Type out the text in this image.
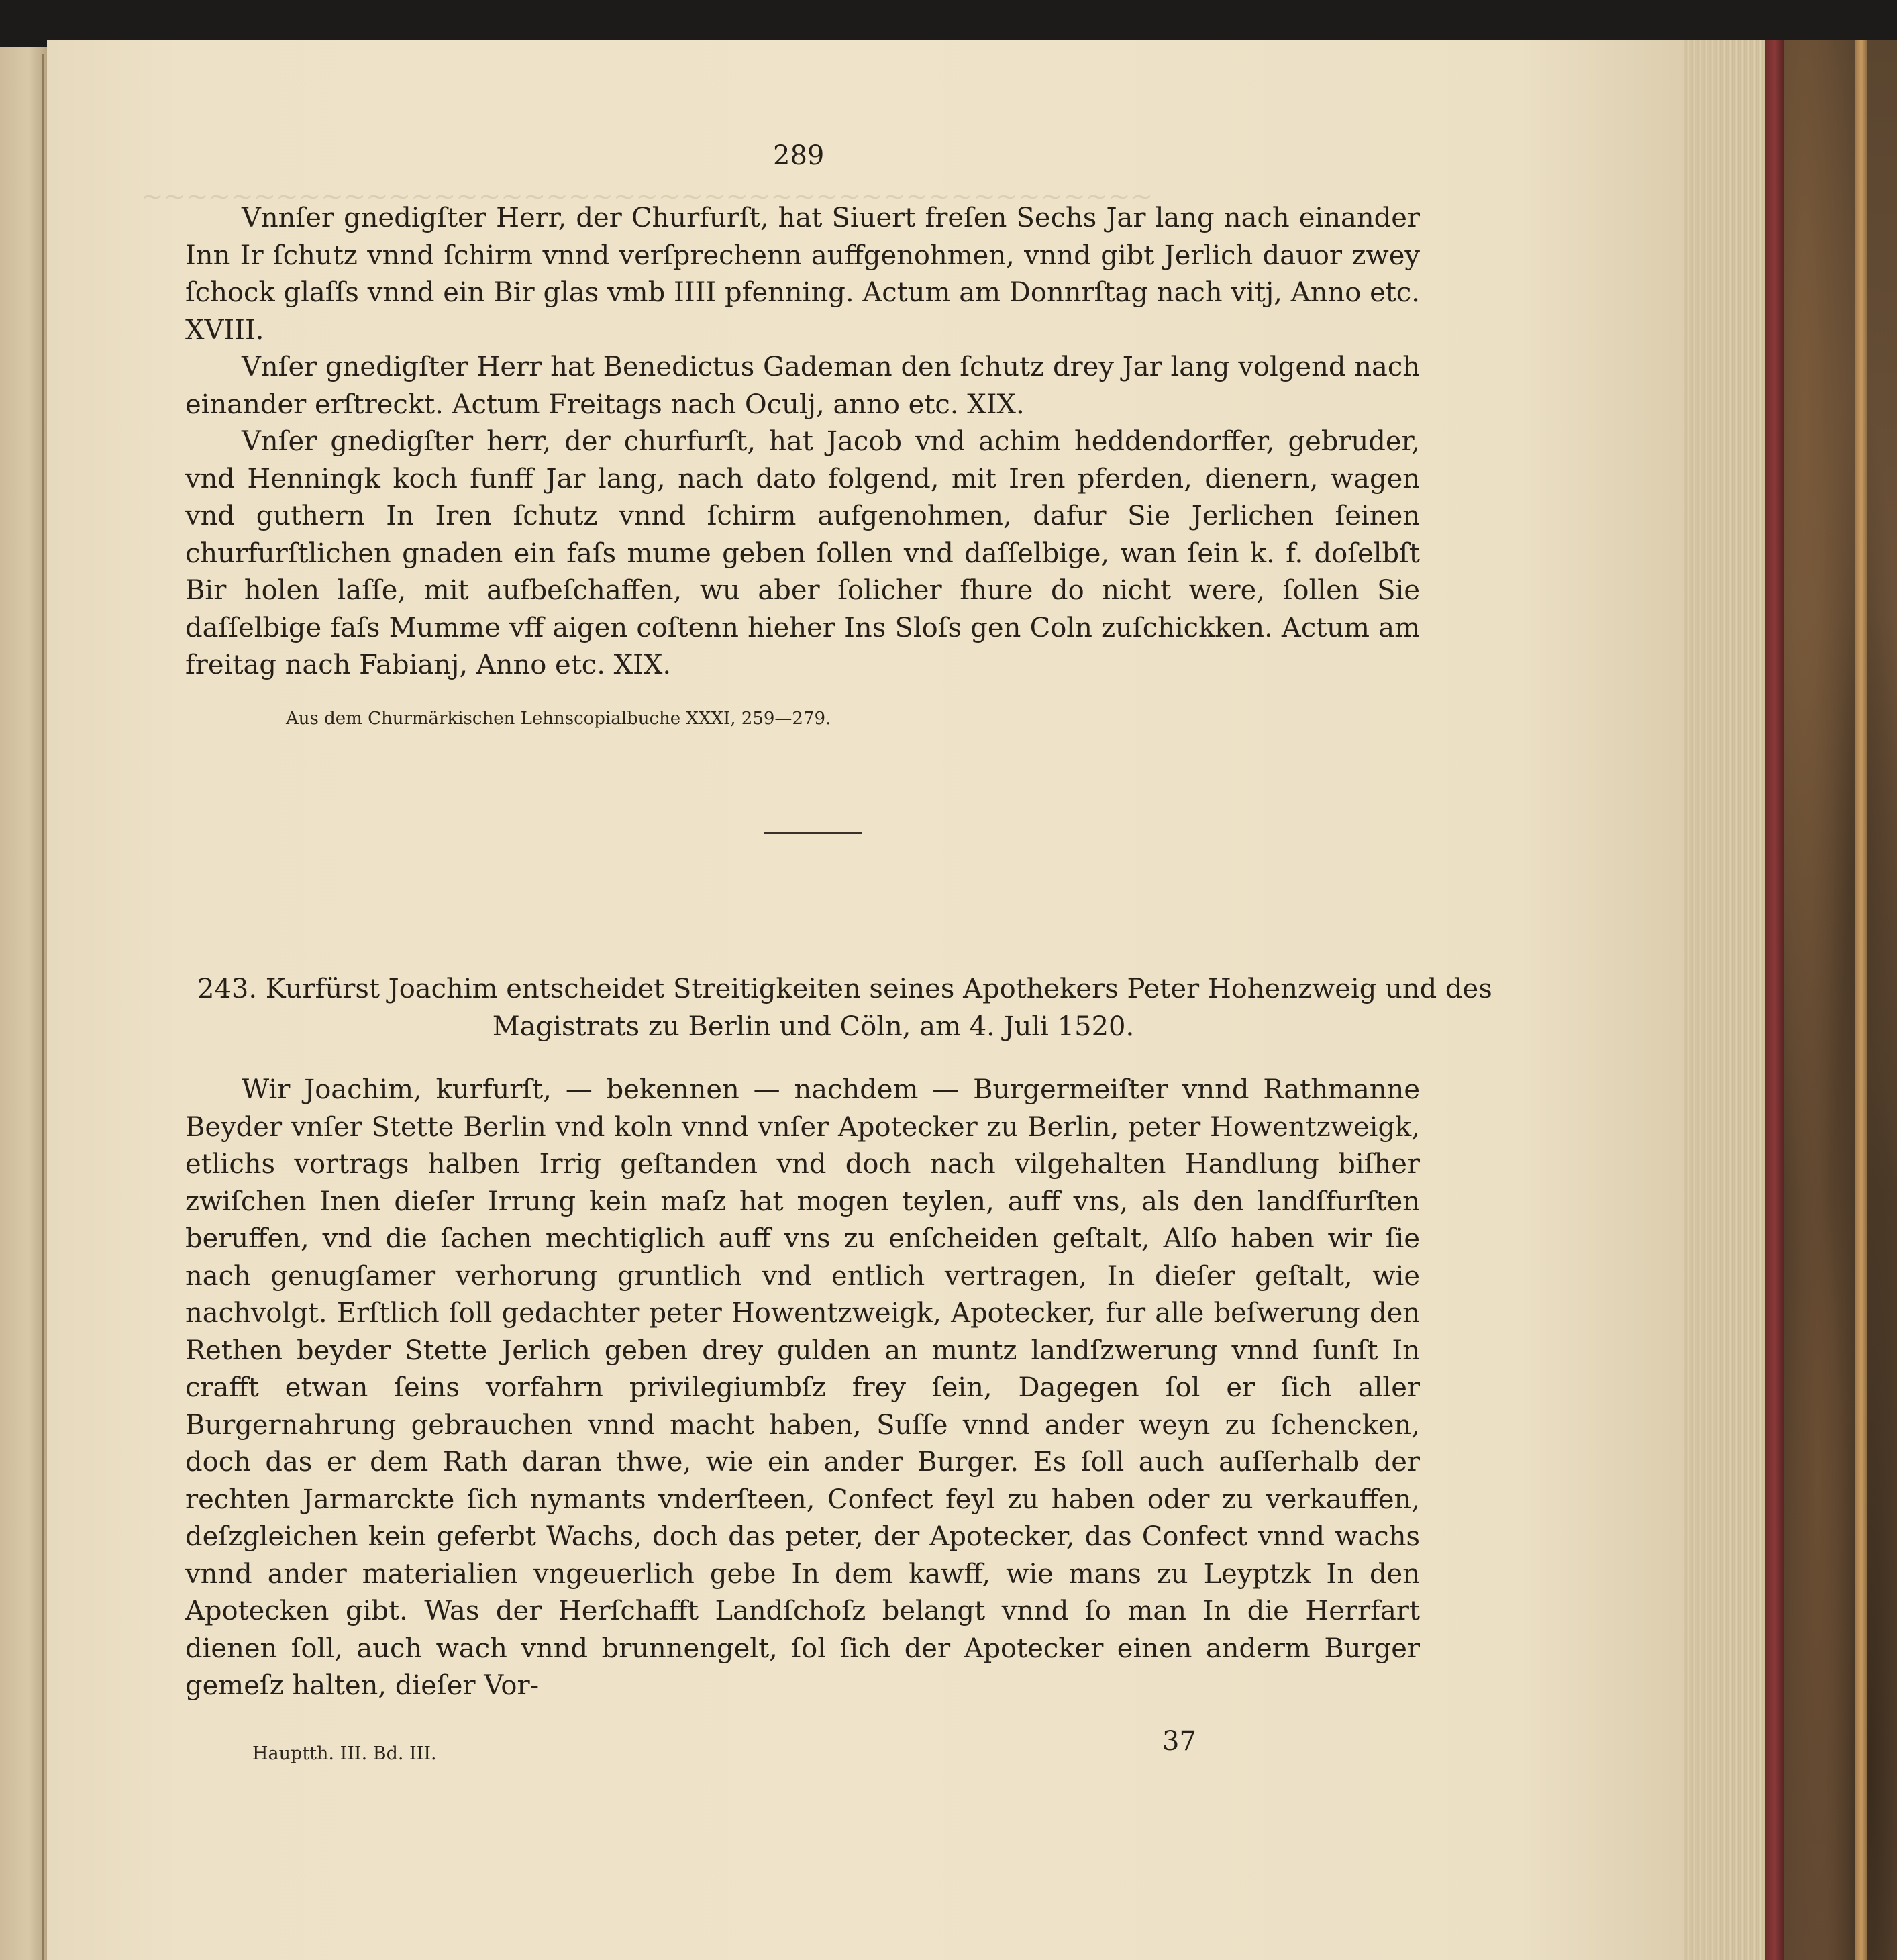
~~~~~~~~~~~~~~~~~~~~~~~~~~~~~~~~~~~~~~~~~~~~~
289

Vnnſer gnedigſter Herr, der Churfurſt, hat Siuert freſen Sechs Jar lang nach einander Inn Ir ſchutz vnnd ſchirm vnnd verſprechenn auffgenohmen, vnnd gibt Jerlich dauor zwey ſchock glaſſs vnnd ein Bir glas vmb IIII pfenning. Actum am Donnrſtag nach vitj, Anno etc. XVIII.

Vnſer gnedigſter Herr hat Benedictus Gademan den ſchutz drey Jar lang volgend nach einander erſtreckt. Actum Freitags nach Oculj, anno etc. XIX.

Vnſer gnedigſter herr, der churfurſt, hat Jacob vnd achim heddendorffer, gebruder, vnd Henningk koch funff Jar lang, nach dato folgend, mit Iren pferden, dienern, wagen vnd guthern In Iren ſchutz vnnd ſchirm aufgenohmen, dafur Sie Jerlichen ſeinen churfurſtlichen gnaden ein faſs mume geben ſollen vnd daſſelbige, wan ſein k. f. doſelbſt Bir holen laſſe, mit aufbeſchaffen, wu aber ſolicher fhure do nicht were, ſollen Sie daſſelbige faſs Mumme vff aigen coſtenn hieher Ins Sloſs gen Coln zuſchickken. Actum am freitag nach Fabianj, Anno etc. XIX.

Aus dem Churmärkischen Lehnscopialbuche XXXI, 259—279.
243. Kurfürst Joachim entscheidet Streitigkeiten seines Apothekers Peter Hohenzweig und des
Magistrats zu Berlin und Cöln, am 4. Juli 1520.

Wir Joachim, kurfurſt, — bekennen — nachdem — Burgermeiſter vnnd Rathmanne Beyder vnſer Stette Berlin vnd koln vnnd vnſer Apotecker zu Berlin, peter Howentzweigk, etlichs vortrags halben Irrig geſtanden vnd doch nach vilgehalten Handlung biſher zwiſchen Inen dieſer Irrung kein maſz hat mogen teylen, auff vns, als den landſfurſten beruffen, vnd die ſachen mechtiglich auff vns zu enſcheiden geſtalt, Alſo haben wir ſie nach genugſamer verhorung gruntlich vnd entlich vertragen, In dieſer geſtalt, wie nachvolgt. Erſtlich ſoll gedachter peter Howentzweigk, Apotecker, fur alle beſwerung den Rethen beyder Stette Jerlich geben drey gulden an muntz landſzwerung vnnd ſunſt In crafft etwan ſeins vorfahrn privilegiumbſz frey ſein, Dagegen ſol er ſich aller Burgernahrung gebrauchen vnnd macht haben, Suſſe vnnd ander weyn zu ſchencken, doch das er dem Rath daran thwe, wie ein ander Burger. Es ſoll auch auſſerhalb der rechten Jarmarckte ſich nymants vnderſteen, Confect feyl zu haben oder zu verkauffen, deſzgleichen kein geferbt Wachs, doch das peter, der Apotecker, das Confect vnnd wachs vnnd ander materialien vngeuerlich gebe In dem kawff, wie mans zu Leyptzk In den Apotecken gibt. Was der Herſchafft Landſchoſz belangt vnnd ſo man In die Herrfart dienen ſoll, auch wach vnnd brunnengelt, ſol ſich der Apotecker einen anderm Burger gemeſz halten, dieſer Vor-

Hauptth. III. Bd. III.	37
